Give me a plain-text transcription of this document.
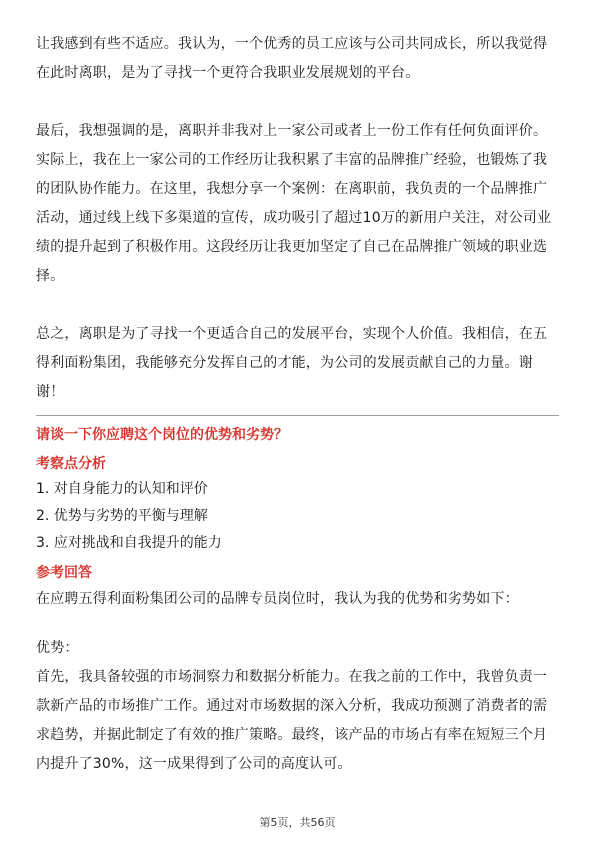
让我感到有些不适应。我认为，一个优秀的员工应该与公司共同成长，所以我觉得
在此时离职，是为了寻找一个更符合我职业发展规划的平台。

最后，我想强调的是，离职并非我对上一家公司或者上一份工作有任何负面评价。
实际上，我在上一家公司的工作经历让我积累了丰富的品牌推广经验，也锻炼了我
的团队协作能力。在这里，我想分享一个案例：在离职前，我负责的一个品牌推广
活动，通过线上线下多渠道的宣传，成功吸引了超过10万的新用户关注，对公司业
绩的提升起到了积极作用。这段经历让我更加坚定了自己在品牌推广领域的职业选
择。

总之，离职是为了寻找一个更适合自己的发展平台，实现个人价值。我相信，在五
得利面粉集团，我能够充分发挥自己的才能，为公司的发展贡献自己的力量。谢
谢！

请谈一下你应聘这个岗位的优势和劣势？

考察点分析

1. 对自身能力的认知和评价
2. 优势与劣势的平衡与理解
3. 应对挑战和自我提升的能力

参考回答

在应聘五得利面粉集团公司的品牌专员岗位时，我认为我的优势和劣势如下：

优势：

首先，我具备较强的市场洞察力和数据分析能力。在我之前的工作中，我曾负责一
款新产品的市场推广工作。通过对市场数据的深入分析，我成功预测了消费者的需
求趋势，并据此制定了有效的推广策略。最终，该产品的市场占有率在短短三个月
内提升了30%，这一成果得到了公司的高度认可。

第5页，共56页
